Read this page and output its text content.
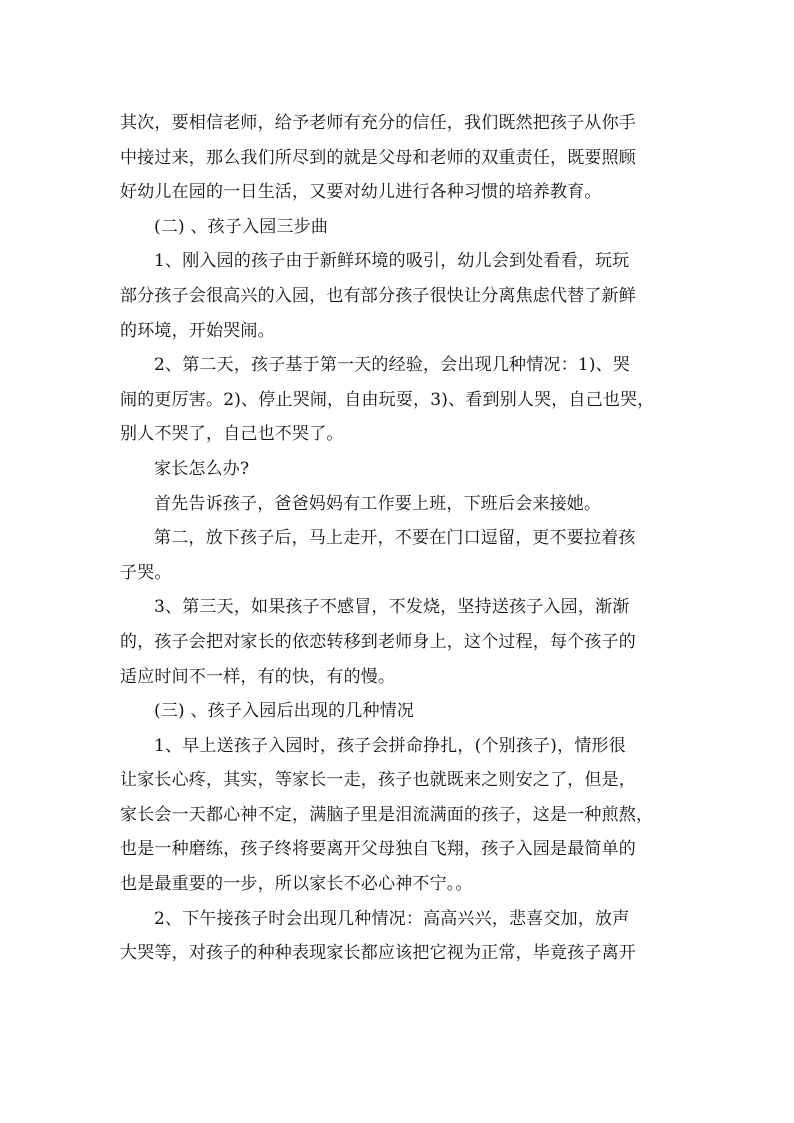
其次，要相信老师，给予老师有充分的信任，我们既然把孩子从你手

中接过来，那么我们所尽到的就是父母和老师的双重责任，既要照顾

好幼儿在园的一日生活，又要对幼儿进行各种习惯的培养教育。

(二) 、孩子入园三步曲

1、刚入园的孩子由于新鲜环境的吸引，幼儿会到处看看，玩玩

部分孩子会很高兴的入园，也有部分孩子很快让分离焦虑代替了新鲜

的环境，开始哭闹。

2、第二天，孩子基于第一天的经验，会出现几种情况：1)、哭

闹的更厉害。2)、停止哭闹，自由玩耍，3)、看到别人哭，自己也哭，

别人不哭了，自己也不哭了。

家长怎么办?

首先告诉孩子，爸爸妈妈有工作要上班，下班后会来接她。

第二，放下孩子后，马上走开，不要在门口逗留，更不要拉着孩

子哭。

3、第三天，如果孩子不感冒，不发烧，坚持送孩子入园，渐渐

的，孩子会把对家长的依恋转移到老师身上，这个过程，每个孩子的

适应时间不一样，有的快，有的慢。

(三) 、孩子入园后出现的几种情况

1、早上送孩子入园时，孩子会拼命挣扎，(个别孩子)，情形很

让家长心疼，其实，等家长一走，孩子也就既来之则安之了，但是，

家长会一天都心神不定，满脑子里是泪流满面的孩子，这是一种煎熬，

也是一种磨练，孩子终将要离开父母独自飞翔，孩子入园是最简单的

也是最重要的一步，所以家长不必心神不宁。。

2、下午接孩子时会出现几种情况：高高兴兴，悲喜交加，放声

大哭等，对孩子的种种表现家长都应该把它视为正常，毕竟孩子离开
